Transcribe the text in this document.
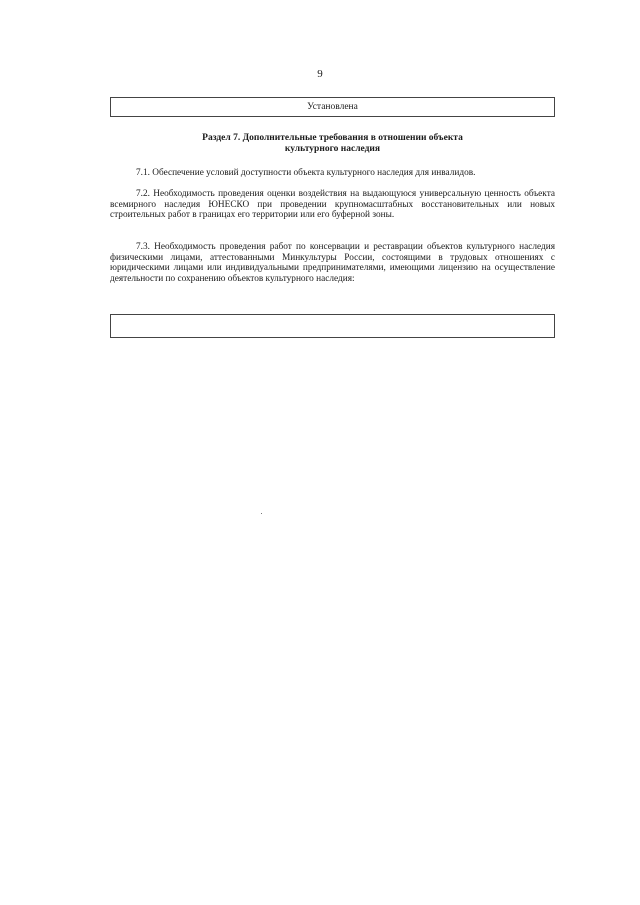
9
Установлена
Раздел 7. Дополнительные требования в отношении объекта
культурного наследия

7.1. Обеспечение условий доступности объекта культурного наследия для инвалидов.

7.2. Необходимость проведения оценки воздействия на выдающуюся универсальную ценность объекта всемирного наследия ЮНЕСКО при проведении крупномасштабных восстановительных или новых строительных работ в границах его территории или его буферной зоны.

7.3. Необходимость проведения работ по консервации и реставрации объектов культурного наследия физическими лицами, аттестованными Минкультуры России, состоящими в трудовых отношениях с юридическими лицами или индивидуальными предпринимателями, имеющими лицензию на осуществление деятельности по сохранению объектов культурного наследия:
